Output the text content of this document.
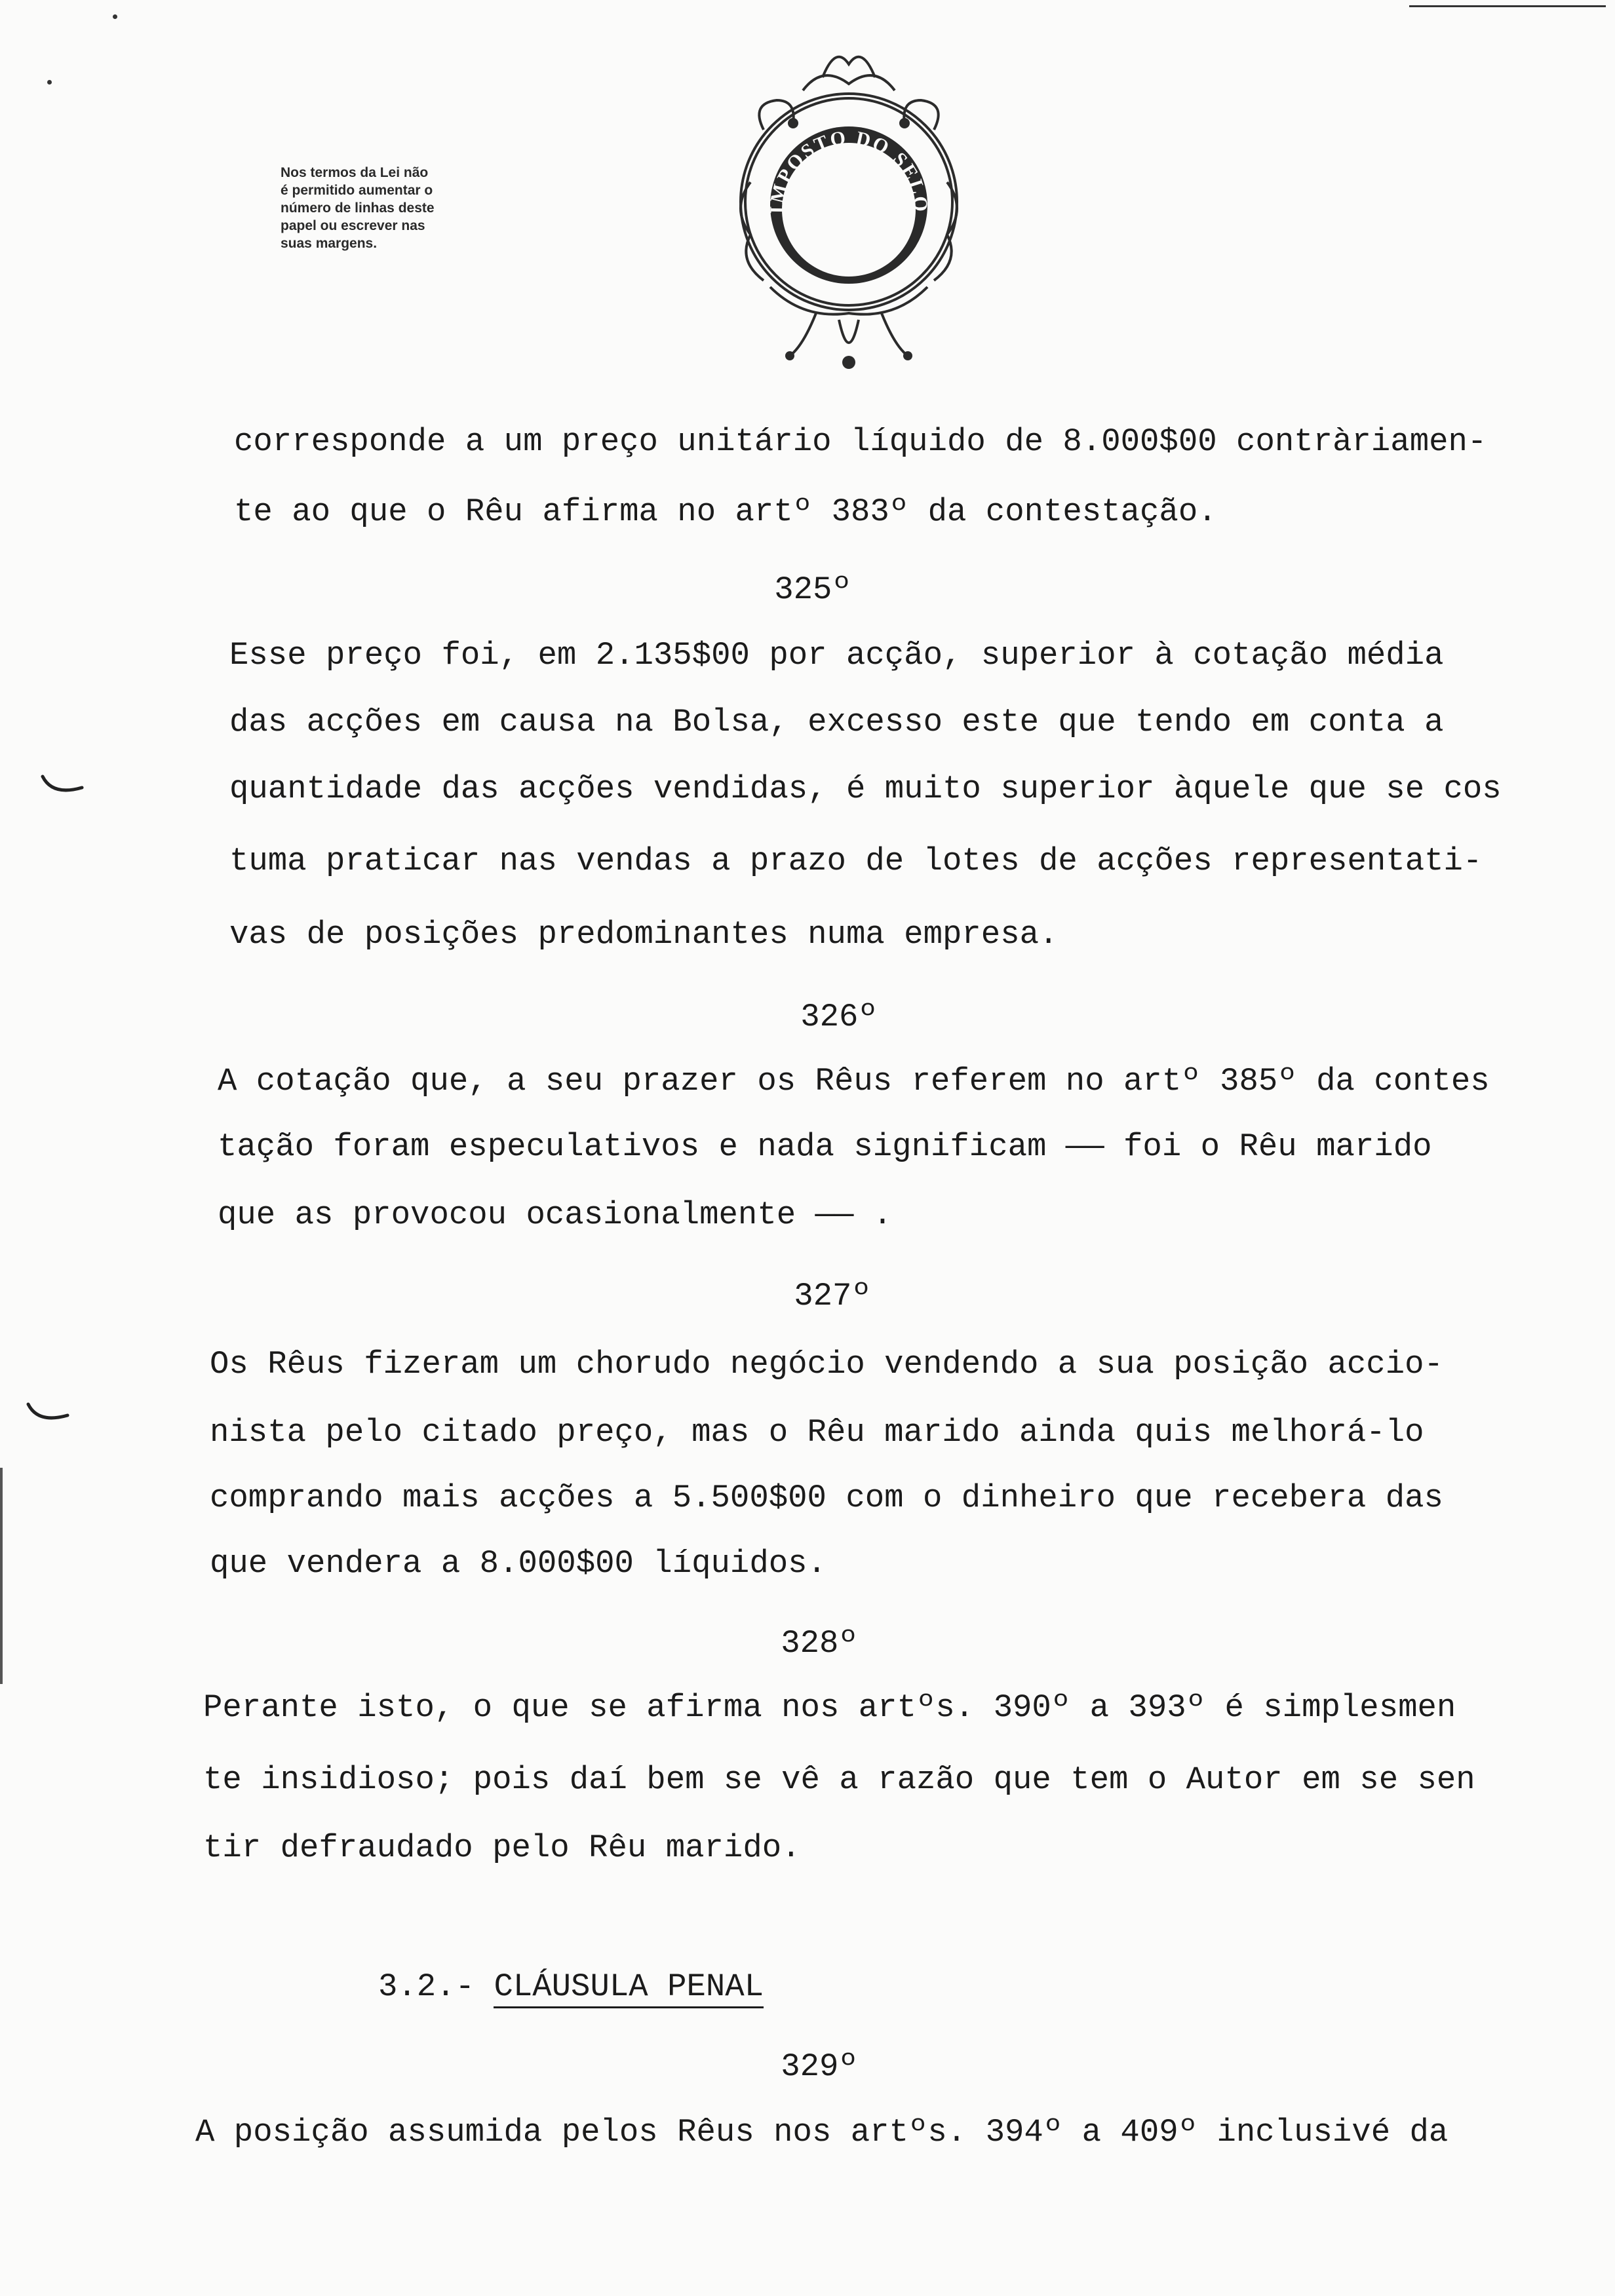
Nos termos da Lei não
é permitido aumentar o
número de linhas deste
papel ou escrever nas
suas margens.
IMPOSTO DO SELO
corresponde a um preço unitário líquido de 8.000$00 contràriamen-
te ao que o Rêu afirma no artº 383º da contestação.
325º
Esse preço foi, em 2.135$00 por acção, superior à cotação média
das acções em causa na Bolsa, excesso este que tendo em conta a
quantidade das acções vendidas, é muito superior àquele que se cos
tuma praticar nas vendas a prazo de lotes de acções representati-
vas de posições predominantes numa empresa.
326º
A cotação que, a seu prazer os Rêus referem no artº 385º da contes
tação foram especulativos e nada significam —— foi o Rêu marido
que as provocou ocasionalmente —— .
327º
Os Rêus fizeram um chorudo negócio vendendo a sua posição accio-
nista pelo citado preço, mas o Rêu marido ainda quis melhorá-lo
comprando mais acções a 5.500$00 com o dinheiro que recebera das
que vendera a 8.000$00 líquidos.
328º
Perante isto, o que se afirma nos artºs. 390º a 393º é simplesmen
te insidioso; pois daí bem se vê a razão que tem o Autor em se sen
tir defraudado pelo Rêu marido.
3.2.- CLÁUSULA PENAL
329º
A posição assumida pelos Rêus nos artºs. 394º a 409º inclusivé da
